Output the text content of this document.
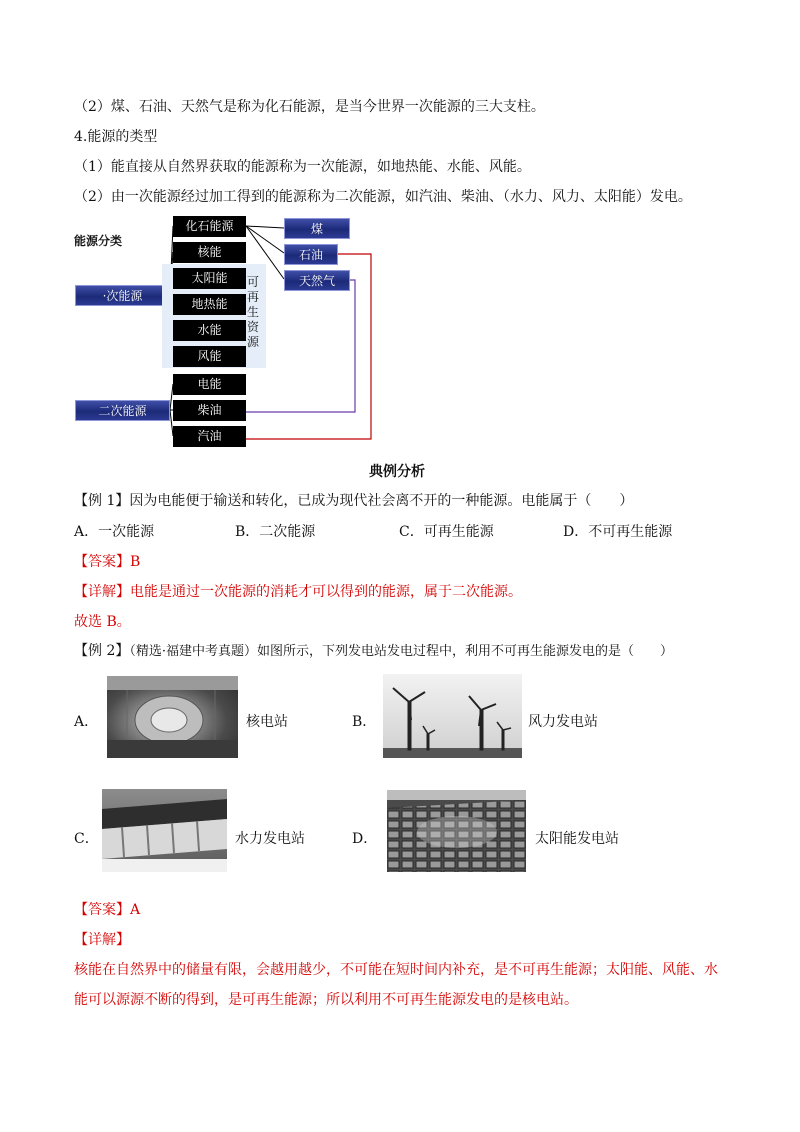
（2）煤、石油、天然气是称为化石能源，是当今世界一次能源的三大支柱。
4.能源的类型
（1）能直接从自然界获取的能源称为一次能源，如地热能、水能、风能。
（2）由一次能源经过加工得到的能源称为二次能源，如汽油、柴油、（水力、风力、太阳能）发电。
能源分类
·次能源
二次能源
化石能源
核能
太阳能
地热能
水能
风能
可再生资源
电能
柴油
汽油
煤
石油
天然气
典例分析
【例 1】因为电能便于输送和转化，已成为现代社会离不开的一种能源。电能属于（　　）
A．一次能源	B．二次能源	C．可再生能源	D．不可再生能源
【答案】B
【详解】电能是通过一次能源的消耗才可以得到的能源，属于二次能源。
故选 B。
【例 2】（精选·福建中考真题）如图所示，下列发电站发电过程中，利用不可再生能源发电的是（　　）
A．	核电站	B．	风力发电站
C．	水力发电站	D．	太阳能发电站
【答案】A
【详解】
核能在自然界中的储量有限，会越用越少，不可能在短时间内补充，是不可再生能源；太阳能、风能、水
能可以源源不断的得到，是可再生能源；所以利用不可再生能源发电的是核电站。
